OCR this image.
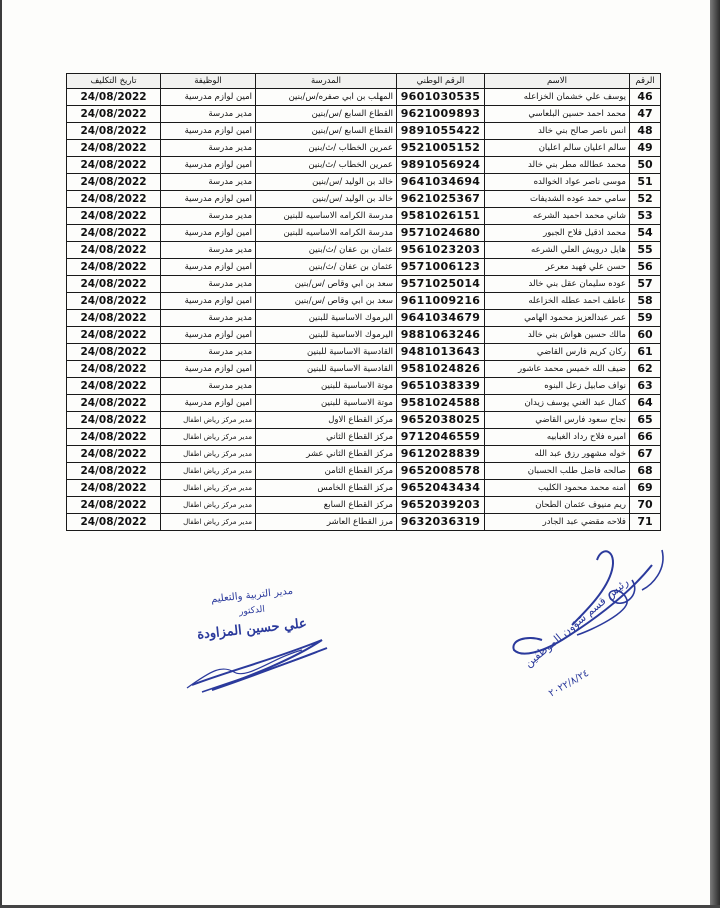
الرقم	الاسم	الرقم الوطني	المدرسة	الوظيفة	تاريخ التكليف
46	يوسف علي خشمان الخزاعله	9601030535	المهلب بن ابي صفره/س/بنين	امين لوازم مدرسية	24/08/2022
47	محمد احمد حسين البلعاسي	9621009893	القطاع السابع /س/بنين	مدير مدرسة	24/08/2022
48	انس ناصر صالح بني خالد	9891055422	القطاع السابع /س/بنين	امين لوازم مدرسية	24/08/2022
49	سالم اعليان سالم اعليان	9521005152	عمرين الخطاب /ث/بنين	مدير مدرسة	24/08/2022
50	محمد عطالله مطر بني خالد	9891056924	عمرين الخطاب /ث/بنين	امين لوازم مدرسية	24/08/2022
51	موسى ناصر عواد الخوالده	9641034694	خالد بن الوليد /س/بنين	مدير مدرسة	24/08/2022
52	سامي حمد عوده الشديفات	9621025367	خالد بن الوليد /س/بنين	امين لوازم مدرسية	24/08/2022
53	شاني محمد احميد الشرعه	9581026151	مدرسة الكرامه الاساسيه للبنين	مدير مدرسة	24/08/2022
54	محمد اذقيل فلاح الجبور	9571024680	مدرسة الكرامه الاساسيه للبنين	امين لوازم مدرسية	24/08/2022
55	هايل درويش العلي الشرعه	9561023203	عثمان بن عفان /ث/بنين	مدير مدرسة	24/08/2022
56	حسن علي فهيد معرعر	9571006123	عثمان بن عفان /ث/بنين	امين لوازم مدرسية	24/08/2022
57	عوده سليمان عقل بني خالد	9571025014	سعد بن ابي وقاص /س/بنين	مدير مدرسة	24/08/2022
58	عاطف احمد عطله الخزاعله	9611009216	سعد بن ابي وقاص /س/بنين	امين لوازم مدرسية	24/08/2022
59	عمر عبدالعزيز محمود الهامي	9641034679	اليرموك الاساسية للبنين	مدير مدرسة	24/08/2022
60	مالك حسين هواش بني خالد	9881063246	اليرموك الاساسية للبنين	امين لوازم مدرسية	24/08/2022
61	ركان كريم فارس القاضي	9481013643	القادسية الاساسية للبنين	مدير مدرسة	24/08/2022
62	ضيف الله خميس محمد عاشور	9581024826	القادسية الاساسية للبنين	امين لوازم مدرسية	24/08/2022
63	نواف صابيل زعل البنوه	9651038339	موتة الاساسية للبنين	مدير مدرسة	24/08/2022
64	كمال عبد الغني يوسف زيدان	9581024588	موتة الاساسية للبنين	امين لوازم مدرسية	24/08/2022
65	نجاح سعود فارس القاضي	9652038025	مركز القطاع الاول	مدير مركز رياض اطفال	24/08/2022
66	اميره فلاح رداد الغبابيه	9712046559	مركز القطاع الثاني	مدير مركز رياض اطفال	24/08/2022
67	خوله مشهور رزق عبد الله	9612028839	مركز القطاع الثاني عشر	مدير مركز رياض اطفال	24/08/2022
68	صالحه فاضل طلب الحسبان	9652008578	مركز القطاع الثامن	مدير مركز رياض اطفال	24/08/2022
69	امنه محمد محمود الكليب	9652043434	مركز القطاع الخامس	مدير مركز رياض اطفال	24/08/2022
70	ريم منيوف عثمان الطحان	9652039203	مركز القطاع السابع	مدير مركز رياض اطفال	24/08/2022
71	فلاحه مقضي عبد الجادر	9632036319	مرز القطاع العاشر	مدير مركز رياض اطفال	24/08/2022
مدير التربية والتعليم
الدكتور
علي حسين المزاودة	رئيس قسم شؤون الموظفين
٢٠٢٢/٨/٢٤
